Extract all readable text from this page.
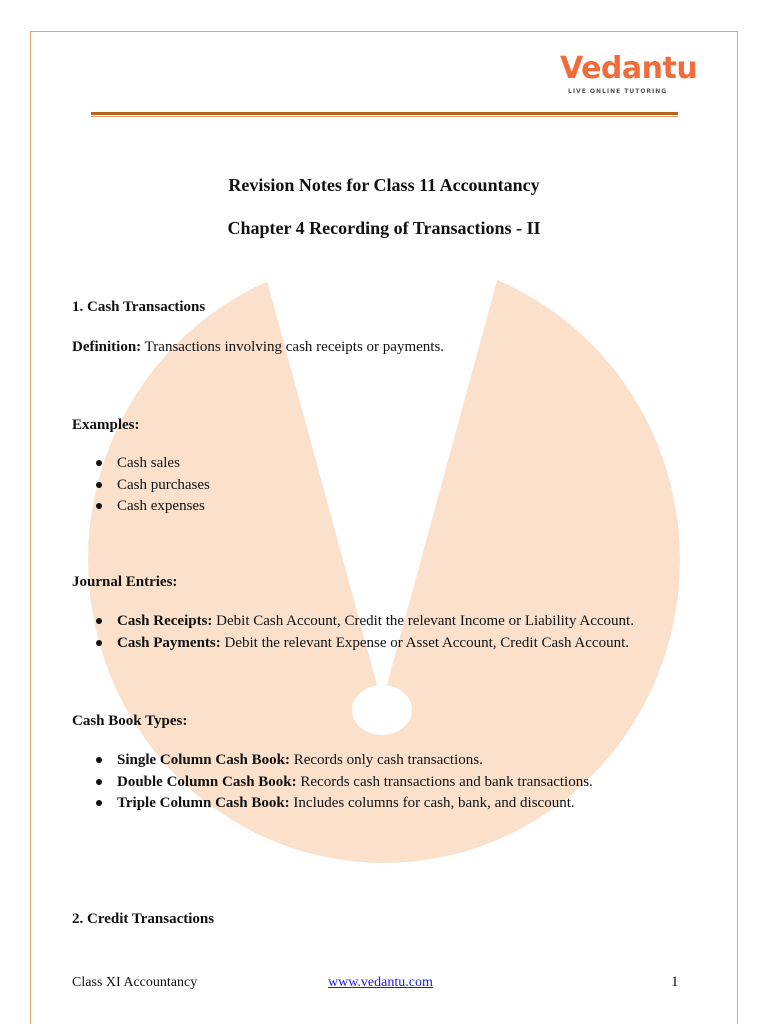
Vedantu
LIVE ONLINE TUTORING
Revision Notes for Class 11 Accountancy
Chapter 4 Recording of Transactions - II
1. Cash Transactions
Definition: Transactions involving cash receipts or payments.
Examples:
Cash sales
Cash purchases
Cash expenses
Journal Entries:
Cash Receipts: Debit Cash Account, Credit the relevant Income or Liability Account.
Cash Payments: Debit the relevant Expense or Asset Account, Credit Cash Account.
Cash Book Types:
Single Column Cash Book: Records only cash transactions.
Double Column Cash Book: Records cash transactions and bank transactions.
Triple Column Cash Book: Includes columns for cash, bank, and discount.
2. Credit Transactions
Class XI Accountancy	www.vedantu.com	1
